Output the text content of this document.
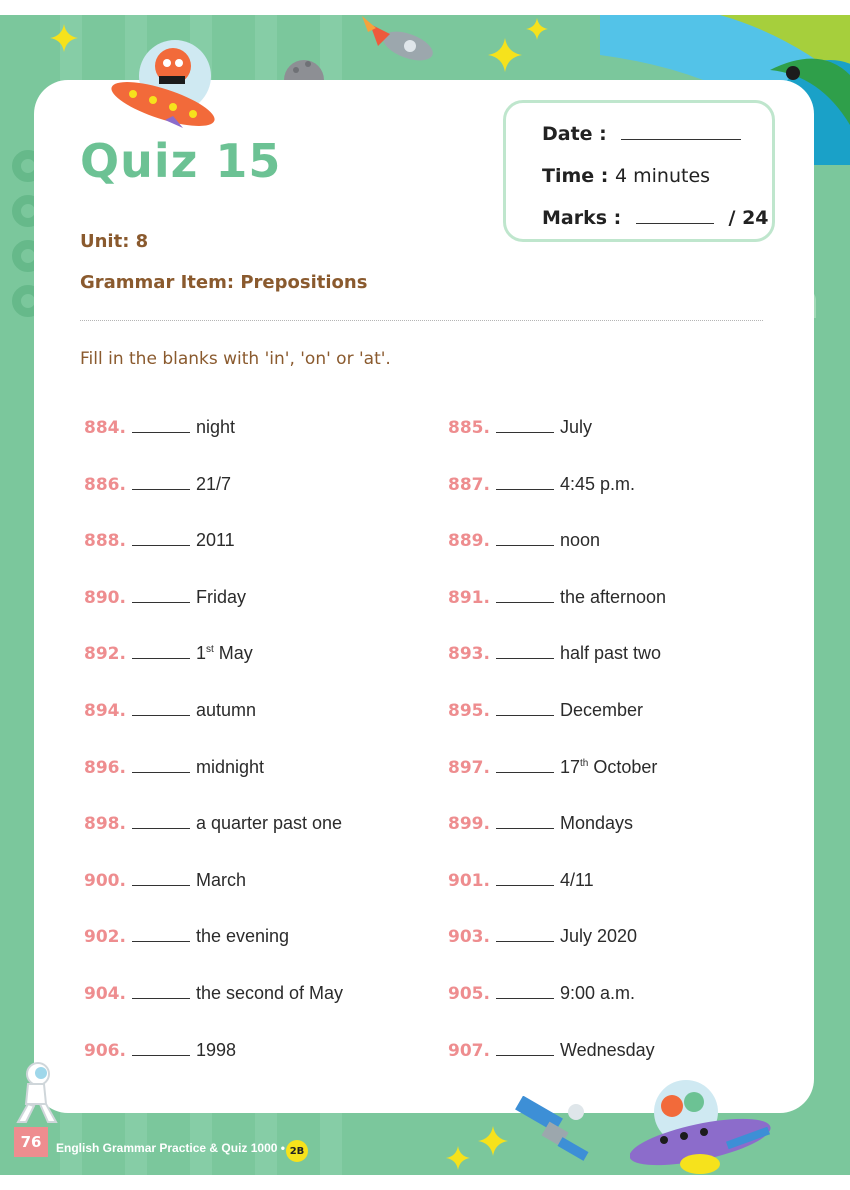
Quiz 15	Date :
Time : 4 minutes
Marks :	/ 24
Unit: 8
Grammar Item: Prepositions
Fill in the blanks with 'in', 'on' or 'at'.
884.	night	885.	July
886.	21/7	887.	4:45 p.m.
888.	2011	889.	noon
890.	Friday	891.	the afternoon
892.	1st May	893.	half past two
894.	autumn	895.	December
896.	midnight	897.	17th October
898.	a quarter past one	899.	Mondays
900.	March	901.	4/11
902.	the evening	903.	July 2020
904.	the second of May	905.	9:00 a.m.
906.	1998	907.	Wednesday
76	English Grammar Practice & Quiz 1000 • 2B
